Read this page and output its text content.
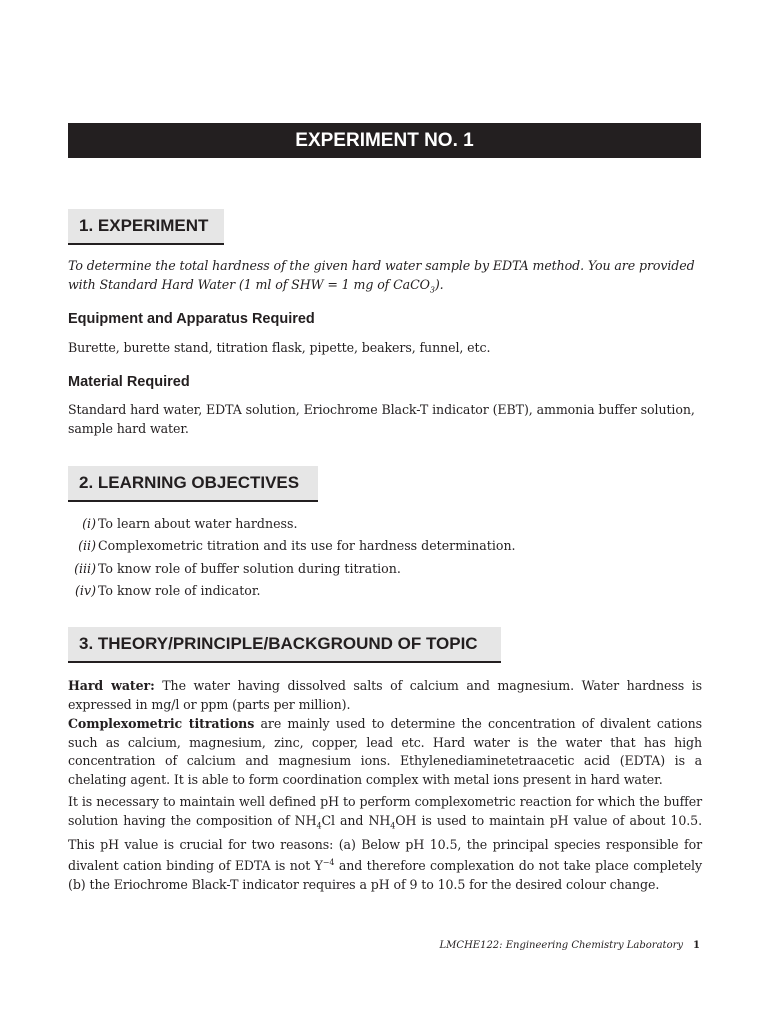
EXPERIMENT NO. 1
1. EXPERIMENT
To determine the total hardness of the given hard water sample by EDTA method. You are provided with Standard Hard Water (1 ml of SHW = 1 mg of CaCO$_3$).
Equipment and Apparatus Required
Burette, burette stand, titration flask, pipette, beakers, funnel, etc.
Material Required
Standard hard water, EDTA solution, Eriochrome Black-T indicator (EBT), ammonia buffer solution, sample hard water.
2. LEARNING OBJECTIVES
(i) To learn about water hardness.
(ii) Complexometric titration and its use for hardness determination.
(iii) To know role of buffer solution during titration.
(iv) To know role of indicator.
3. THEORY/PRINCIPLE/BACKGROUND OF TOPIC
Hard water: The water having dissolved salts of calcium and magnesium. Water hardness is expressed in mg/l or ppm (parts per million).
Complexometric titrations are mainly used to determine the concentration of divalent cations such as calcium, magnesium, zinc, copper, lead etc. Hard water is the water that has high concentration of calcium and magnesium ions. Ethylenediaminetetraacetic acid (EDTA) is a chelating agent. It is able to form coordination complex with metal ions present in hard water.
It is necessary to maintain well defined pH to perform complexometric reaction for which the buffer solution having the composition of $NH_4Cl$ and $NH_4OH$ is used to maintain pH value of about 10.5. This pH value is crucial for two reasons: (a) Below pH 10.5, the principal species responsible for divalent cation binding of EDTA is not $Y^{-4}$ and therefore complexation do not take place completely (b) the Eriochrome Black-T indicator requires a pH of 9 to 10.5 for the desired colour change.
LMCHE122: Engineering Chemistry Laboratory 1
